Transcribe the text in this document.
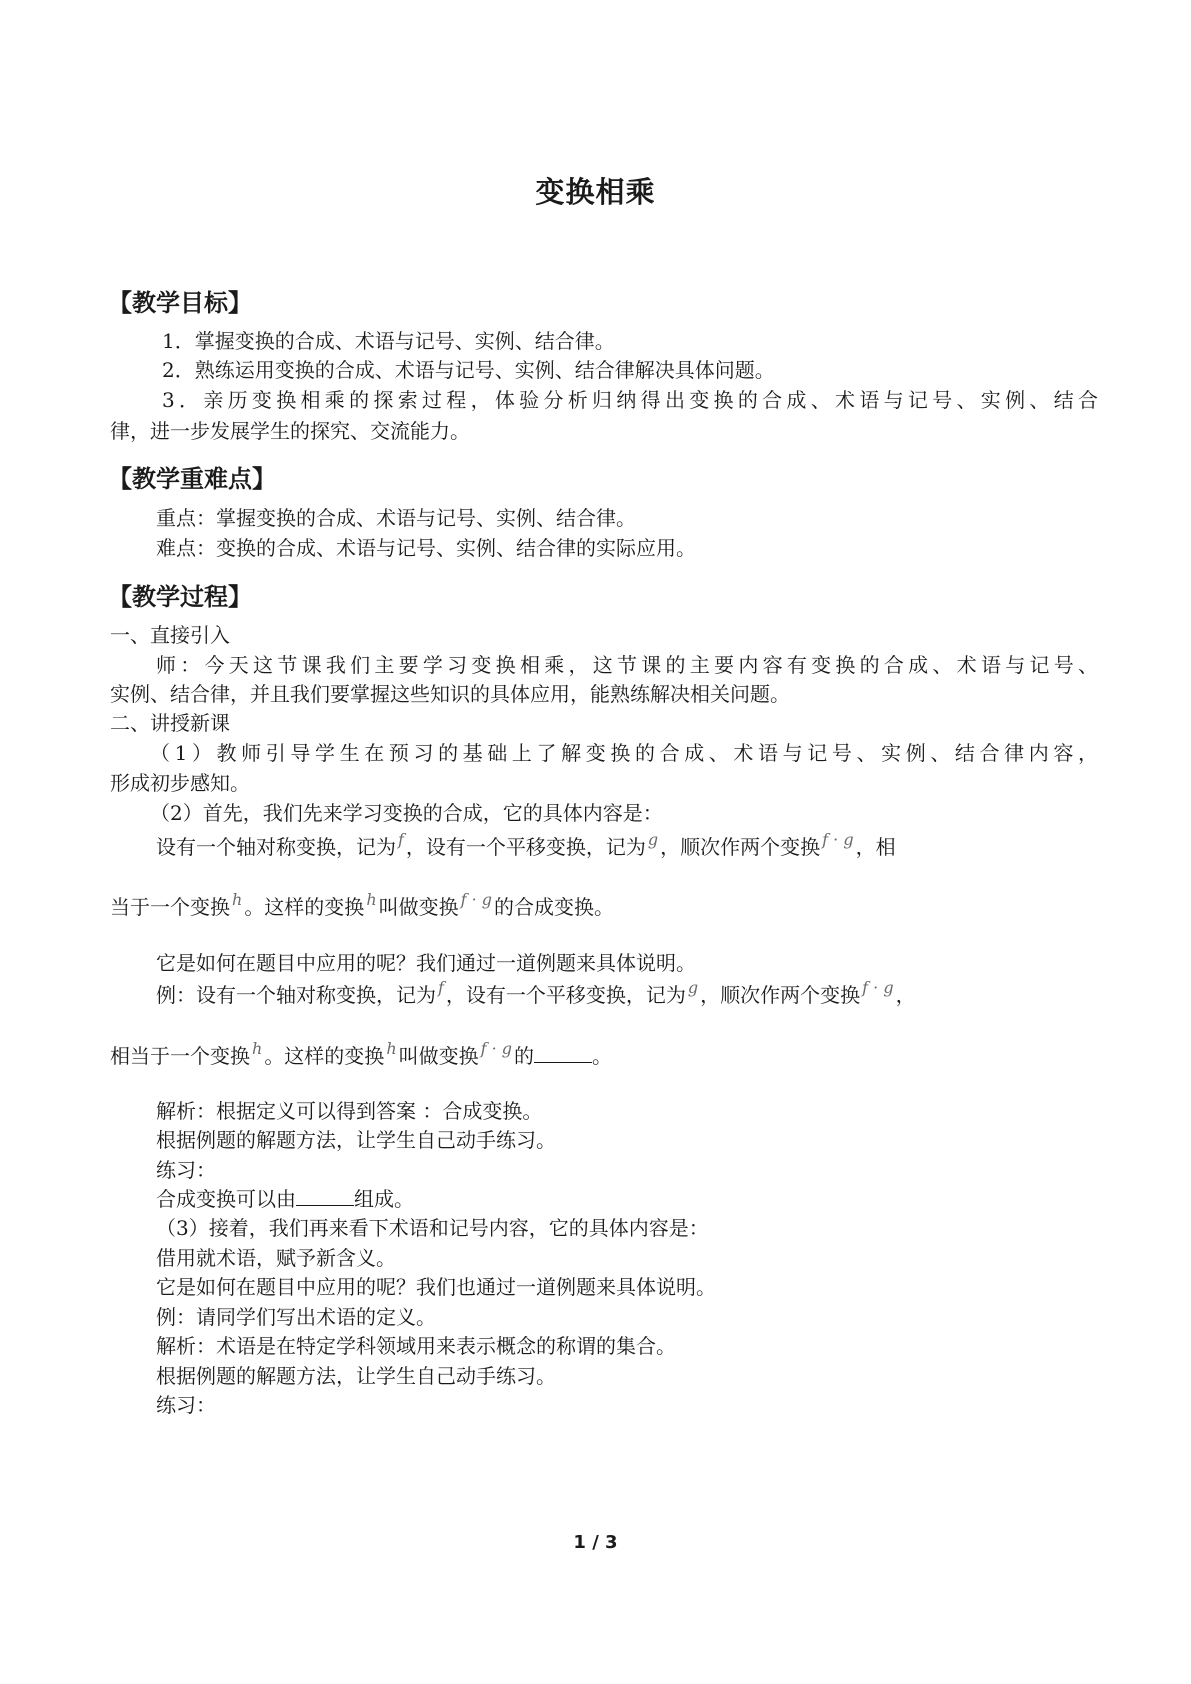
变换相乘
【教学目标】
1．掌握变换的合成、术语与记号、实例、结合律。
2．熟练运用变换的合成、术语与记号、实例、结合律解决具体问题。
3．亲历变换相乘的探索过程，体验分析归纳得出变换的合成、术语与记号、实例、结合
律，进一步发展学生的探究、交流能力。
【教学重难点】
重点：掌握变换的合成、术语与记号、实例、结合律。
难点：变换的合成、术语与记号、实例、结合律的实际应用。
【教学过程】
一、直接引入
师：今天这节课我们主要学习变换相乘，这节课的主要内容有变换的合成、术语与记号、
实例、结合律，并且我们要掌握这些知识的具体应用，能熟练解决相关问题。
二、讲授新课
（1）教师引导学生在预习的基础上了解变换的合成、术语与记号、实例、结合律内容，
形成初步感知。
（2）首先，我们先来学习变换的合成，它的具体内容是：
设有一个轴对称变换，记为 $^f$ ，设有一个平移变换，记为 $^g$ ，顺次作两个变换 $^{f \cdot g}$ ，相
当于一个变换 $^h$ 。这样的变换 $^h$ 叫做变换 $^{f \cdot g}$ 的合成变换。
它是如何在题目中应用的呢？我们通过一道例题来具体说明。
例：设有一个轴对称变换，记为 $^f$ ，设有一个平移变换，记为 $^g$ ，顺次作两个变换 $^{f \cdot g}$ ，
相当于一个变换 $^h$ 。这样的变换 $^h$ 叫做变换 $^{f \cdot g}$ 的	。
解析：根据定义可以得到答案 ：合成变换。
根据例题的解题方法，让学生自己动手练习。
练习：
合成变换可以由	组成。
（3）接着，我们再来看下术语和记号内容，它的具体内容是：
借用就术语，赋予新含义。
它是如何在题目中应用的呢？我们也通过一道例题来具体说明。
例：请同学们写出术语的定义。
解析：术语是在特定学科领域用来表示概念的称谓的集合。
根据例题的解题方法，让学生自己动手练习。
练习：
1 / 3
